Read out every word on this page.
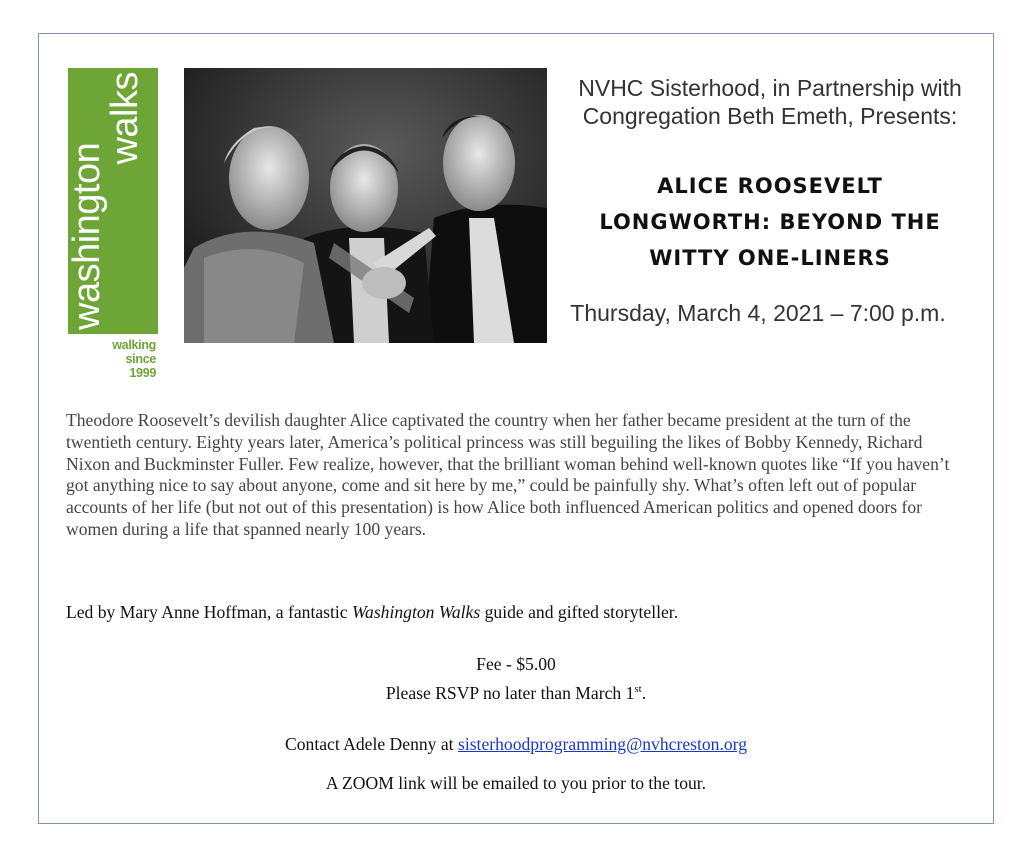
washington
walks
walking
since
1999
NVHC Sisterhood, in Partnership with
Congregation Beth Emeth, Presents:
ALICE ROOSEVELT
LONGWORTH: BEYOND THE
WITTY ONE-LINERS
Thursday, March 4, 2021 – 7:00 p.m.
Theodore Roosevelt’s devilish daughter Alice captivated the country when her father became president at the turn of the twentieth century. Eighty years later, America’s political princess was still beguiling the likes of Bobby Kennedy, Richard Nixon and Buckminster Fuller. Few realize, however, that the brilliant woman behind well-known quotes like “If you haven’t got anything nice to say about anyone, come and sit here by me,” could be painfully shy. What’s often left out of popular accounts of her life (but not out of this presentation) is how Alice both influenced American politics and opened doors for women during a life that spanned nearly 100 years.
Led by Mary Anne Hoffman, a fantastic Washington Walks guide and gifted storyteller.
Fee - $5.00
Please RSVP no later than March 1st.
Contact Adele Denny at sisterhoodprogramming@nvhcreston.org
A ZOOM link will be emailed to you prior to the tour.
